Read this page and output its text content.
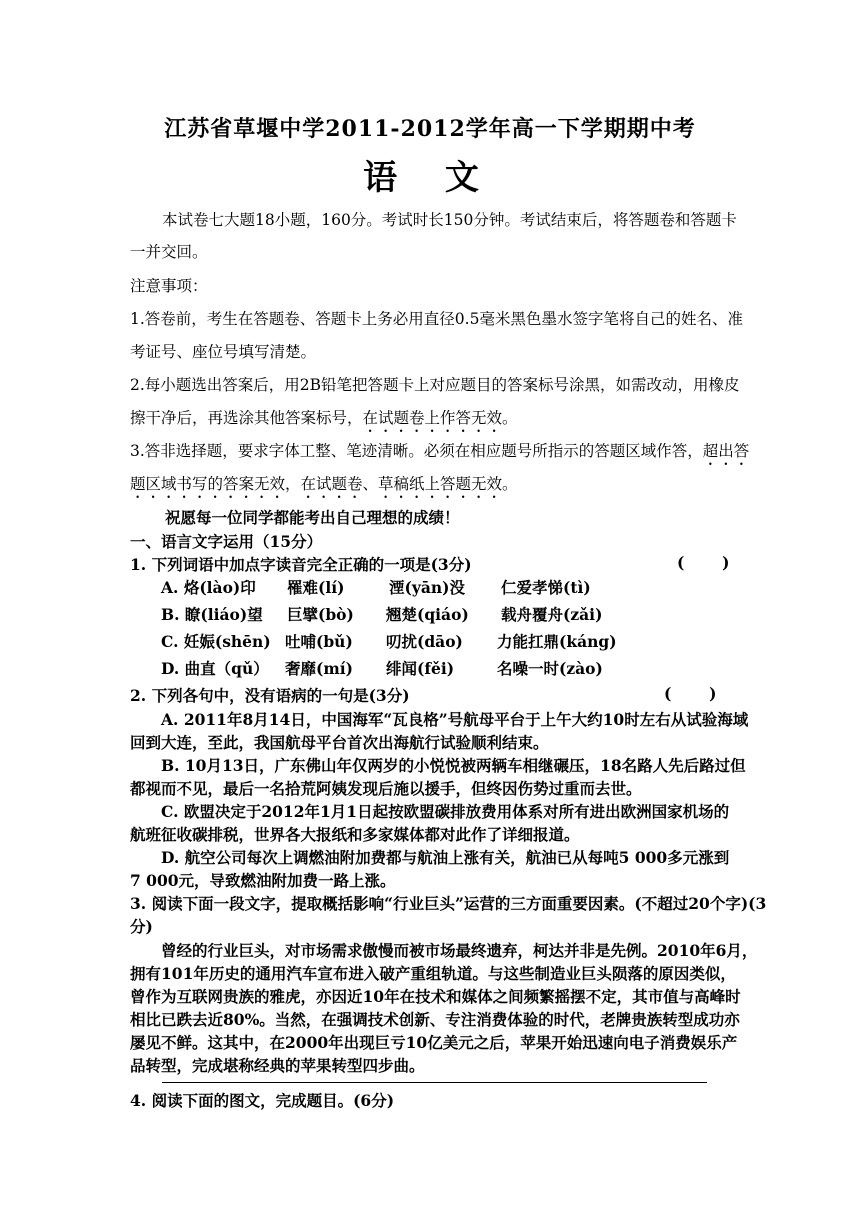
江苏省草堰中学2011-2012学年高一下学期期中考
语 文
本试卷七大题18小题，160分。考试时长150分钟。考试结束后，将答题卷和答题卡
一并交回。
注意事项：
1.答卷前，考生在答题卷、答题卡上务必用直径0.5毫米黑色墨水签字笔将自己的姓名、准
考证号、座位号填写清楚。
2.每小题选出答案后，用2B铅笔把答题卡上对应题目的答案标号涂黑，如需改动，用橡皮
擦干净后，再选涂其他答案标号，在试题卷上作答无效。
3.答非选择题，要求字体工整、笔迹清晰。必须在相应题号所指示的答题区域作答，超出答
题区域书写的答案无效，在试题卷、草稿纸上答题无效。
祝愿每一位同学都能考出自己理想的成绩！
一、语言文字运用（15分）
1. 下列词语中加点字读音完全正确的一项是(3分)	(       )
A. 烙(lào)印 罹难(lí)	湮(yān)没 仁爱孝悌(tì)
B. 瞭(liáo)望 巨擘(bò) 翘楚(qiáo) 载舟覆舟(zǎi)
C. 妊娠(shēn) 吐哺(bǔ) 叨扰(dāo) 力能扛鼎(káng)
D. 曲直（qǔ） 奢靡(mí) 绯闻(fěi)	名噪一时(zào)
2. 下列各句中，没有语病的一句是(3分)	(       )
A. 2011年8月14日，中国海军“瓦良格”号航母平台于上午大约10时左右从试验海域
回到大连，至此，我国航母平台首次出海航行试验顺利结束。
B. 10月13日，广东佛山年仅两岁的小悦悦被两辆车相继碾压，18名路人先后路过但
都视而不见，最后一名拾荒阿姨发现后施以援手，但终因伤势过重而去世。
C. 欧盟决定于2012年1月1日起按欧盟碳排放费用体系对所有进出欧洲国家机场的
航班征收碳排税，世界各大报纸和多家媒体都对此作了详细报道。
D. 航空公司每次上调燃油附加费都与航油上涨有关，航油已从每吨5 000多元涨到
7 000元，导致燃油附加费一路上涨。
3. 阅读下面一段文字，提取概括影响“行业巨头”运营的三方面重要因素。(不超过20个字)(3
分)
曾经的行业巨头，对市场需求傲慢而被市场最终遗弃，柯达并非是先例。2010年6月，
拥有101年历史的通用汽车宣布进入破产重组轨道。与这些制造业巨头陨落的原因类似，
曾作为互联网贵族的雅虎，亦因近10年在技术和媒体之间频繁摇摆不定，其市值与高峰时
相比已跌去近80%。当然，在强调技术创新、专注消费体验的时代，老牌贵族转型成功亦
屡见不鲜。这其中，在2000年出现巨亏10亿美元之后，苹果开始迅速向电子消费娱乐产
品转型，完成堪称经典的苹果转型四步曲。
4. 阅读下面的图文，完成题目。(6分)
